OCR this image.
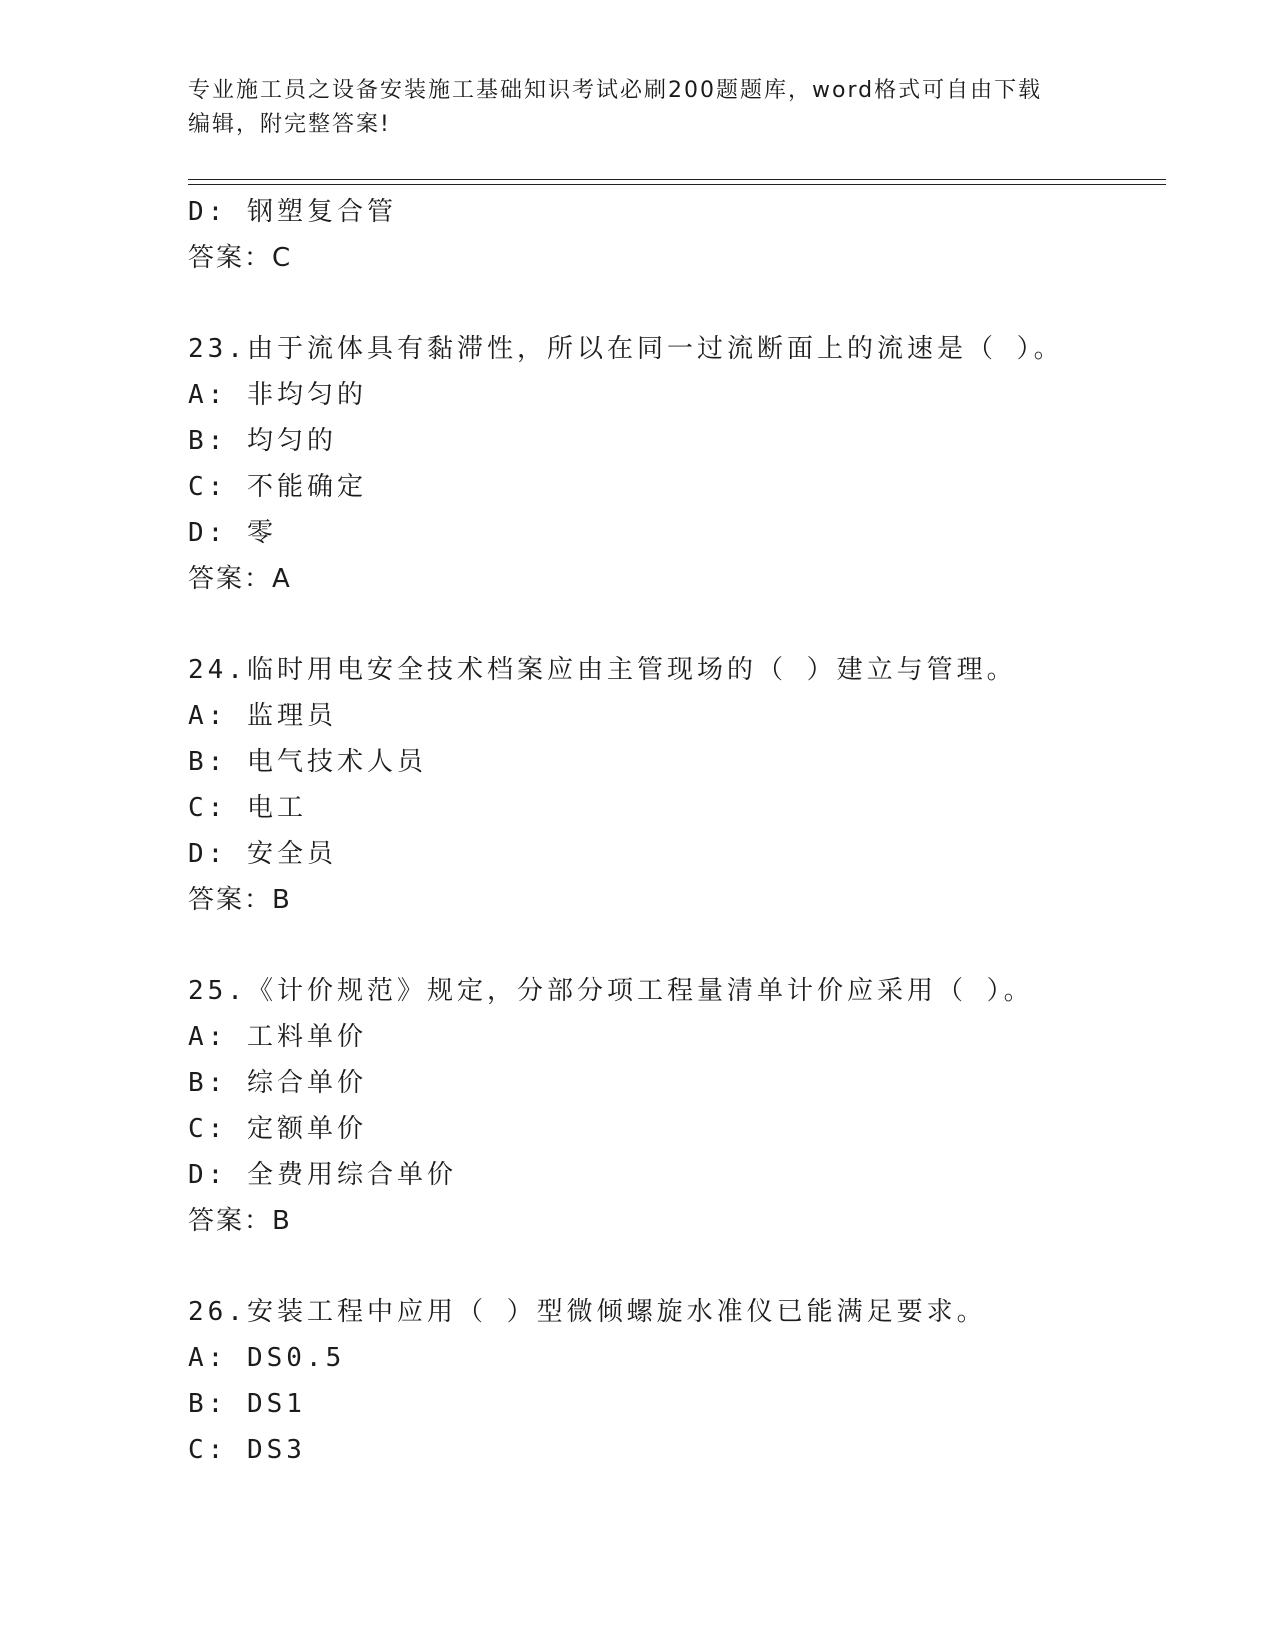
专业施工员之设备安装施工基础知识考试必刷200题题库，word格式可自由下载
编辑，附完整答案!
D: 钢塑复合管
答案：C
23.由于流体具有黏滞性，所以在同一过流断面上的流速是（ ）。
A: 非均匀的
B: 均匀的
C: 不能确定
D: 零
答案：A
24.临时用电安全技术档案应由主管现场的（ ）建立与管理。
A: 监理员
B: 电气技术人员
C: 电工
D: 安全员
答案：B
25.《计价规范》规定，分部分项工程量清单计价应采用（ ）。
A: 工料单价
B: 综合单价
C: 定额单价
D: 全费用综合单价
答案：B
26.安装工程中应用（ ）型微倾螺旋水准仪已能满足要求。
A: DS0.5
B: DS1
C: DS3
